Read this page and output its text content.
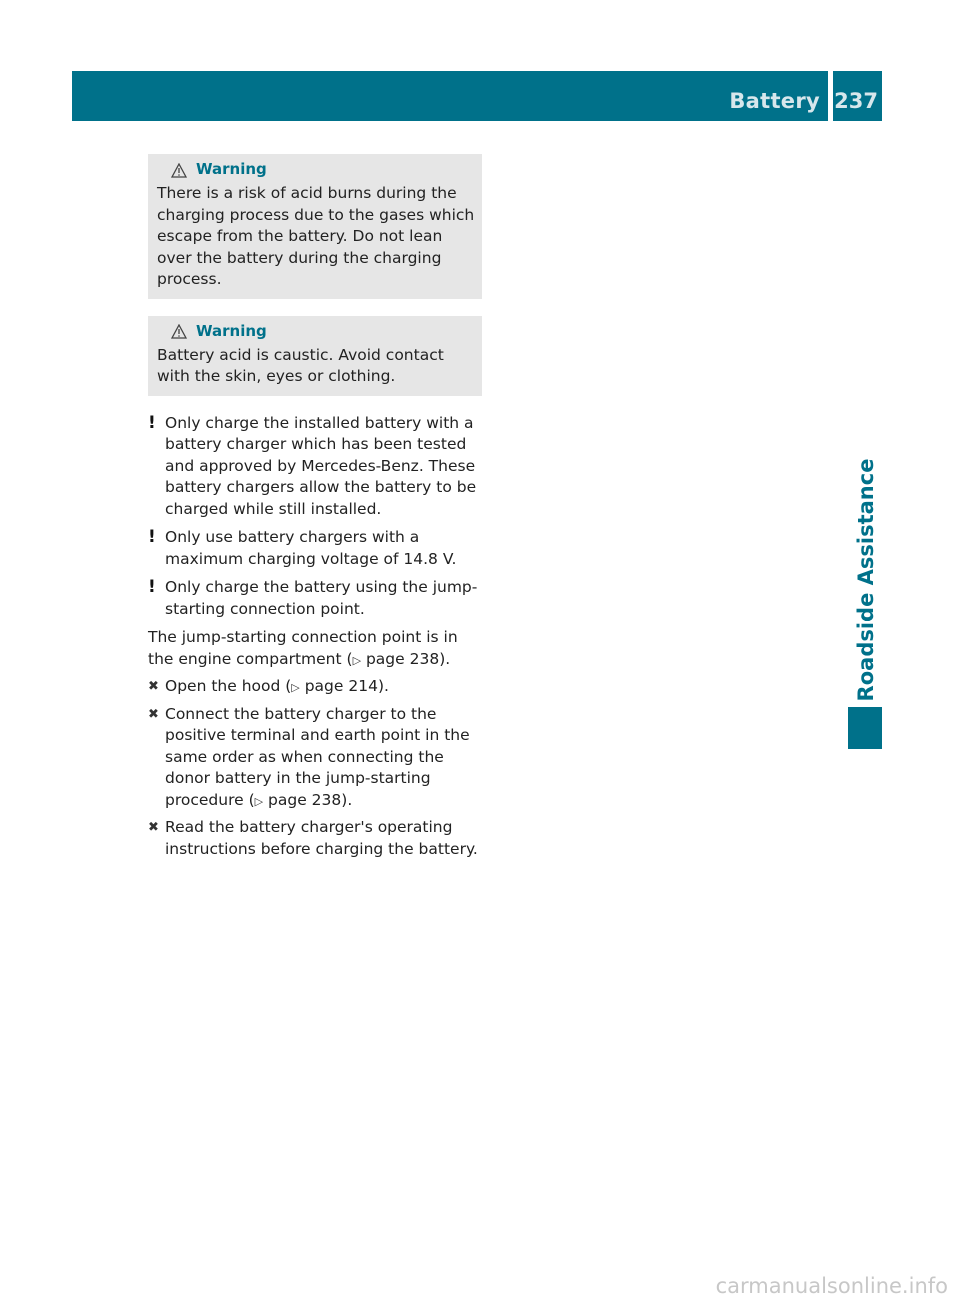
Battery 237
Roadside Assistance
Warning
There is a risk of acid burns during the charging process due to the gases which escape from the battery. Do not lean over the battery during the charging process.
Warning
Battery acid is caustic. Avoid contact with the skin, eyes or clothing.
! Only charge the installed battery with a battery charger which has been tested and approved by Mercedes-Benz. These battery chargers allow the battery to be charged while still installed.
! Only use battery chargers with a maximum charging voltage of 14.8 V.
! Only charge the battery using the jump-starting connection point.
The jump-starting connection point is in the engine compartment (▷ page 238).
✖ Open the hood (▷ page 214).
✖ Connect the battery charger to the positive terminal and earth point in the same order as when connecting the donor battery in the jump-starting procedure (▷ page 238).
✖ Read the battery charger's operating instructions before charging the battery.
carmanualsonline.info
